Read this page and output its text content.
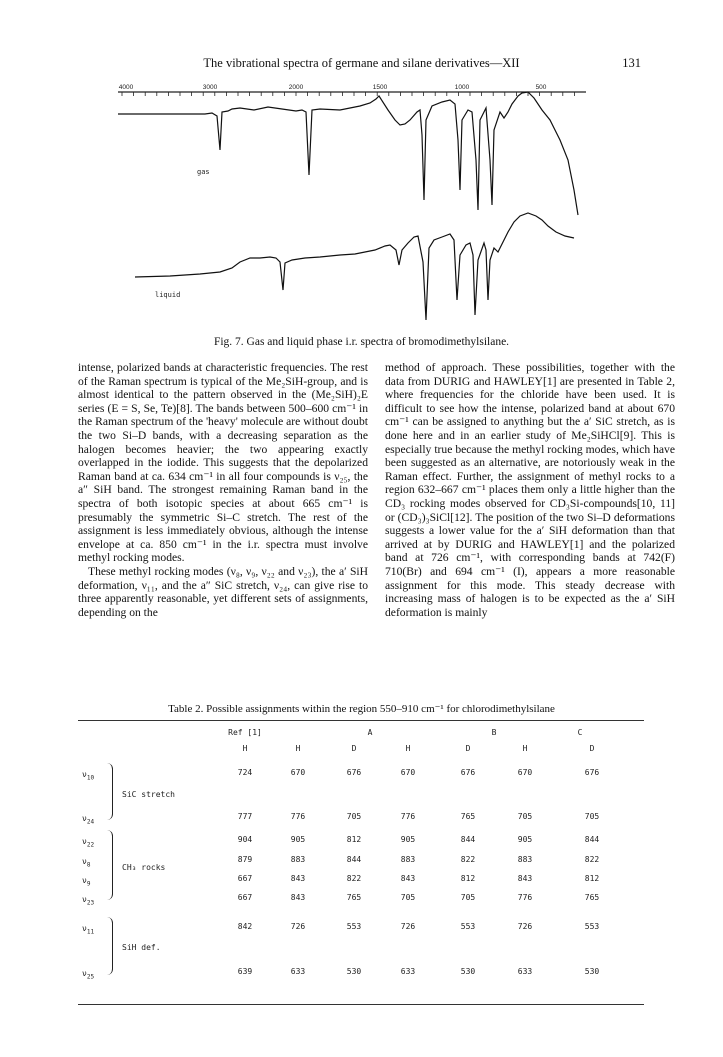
The vibrational spectra of germane and silane derivatives—XII	131
4000	3000	2000	1500	1000	500
gas
liquid
Fig. 7. Gas and liquid phase i.r. spectra of bromodimethylsilane.

intense, polarized bands at characteristic frequencies. The rest of the Raman spectrum is typical of the Me₂SiH-group, and is almost identical to the pattern observed in the (Me₂SiH)₂E series (E = S, Se, Te)[8]. The bands between 500–600 cm⁻¹ in the Raman spectrum of the 'heavy' molecule are without doubt the two Si–D bands, with a decreasing separation as the halogen becomes heavier; the two appearing exactly overlapped in the iodide. This suggests that the depolarized Raman band at ca. 634 cm⁻¹ in all four compounds is ν₂₅, the a″ SiH band. The strongest remaining Raman band in the spectra of both isotopic species at about 665 cm⁻¹ is presumably the symmetric Si–C stretch. The rest of the assignment is less immediately obvious, although the intense envelope at ca. 850 cm⁻¹ in the i.r. spectra must involve methyl rocking modes.

These methyl rocking modes (ν₈, ν₉, ν₂₂ and ν₂₃), the a′ SiH deformation, ν₁₁, and the a″ SiC stretch, ν₂₄, can give rise to three apparently reasonable, yet different sets of assignments, depending on the

method of approach. These possibilities, together with the data from DURIG and HAWLEY[1] are presented in Table 2, where frequencies for the chloride have been used. It is difficult to see how the intense, polarized band at about 670 cm⁻¹ can be assigned to anything but the a′ SiC stretch, as is done here and in an earlier study of Me₂SiHCl[9]. This is especially true because the methyl rocking modes, which have been suggested as an alternative, are notoriously weak in the Raman effect. Further, the assignment of methyl rocks to a region 632–667 cm⁻¹ places them only a little higher than the CD₃ rocking modes observed for CD₃Si-compounds[10, 11] or (CD₃)₃SiCl[12]. The position of the two Si–D deformations suggests a lower value for the a′ SiH deformation than that arrived at by DURIG and HAWLEY[1] and the polarized band at 726 cm⁻¹, with corresponding bands at 742(F) 710(Br) and 694 cm⁻¹ (I), appears a more reasonable assignment for this mode. This steady decrease with increasing mass of halogen is to be expected as the a′ SiH deformation is mainly

Table 2. Possible assignments within the region 550–910 cm⁻¹ for chlorodimethylsilane
Ref [1]	A	B	C
H	H	D	H	D	H	D
$\nu_{10}$
724	670	676	670	676	670	676
$\nu_{24}$
777	776	705	776	765	705	705
SiC stretch
$\nu_{22}$
904	905	812	905	844	905	844
$\nu_8$
879	883	844	883	822	883	822
$\nu_9$
667	843	822	843	812	843	812
$\nu_{23}$
667	843	765	705	705	776	765
CH₃ rocks
$\nu_{11}$
842	726	553	726	553	726	553
$\nu_{25}$
639	633	530	633	530	633	530
SiH def.
